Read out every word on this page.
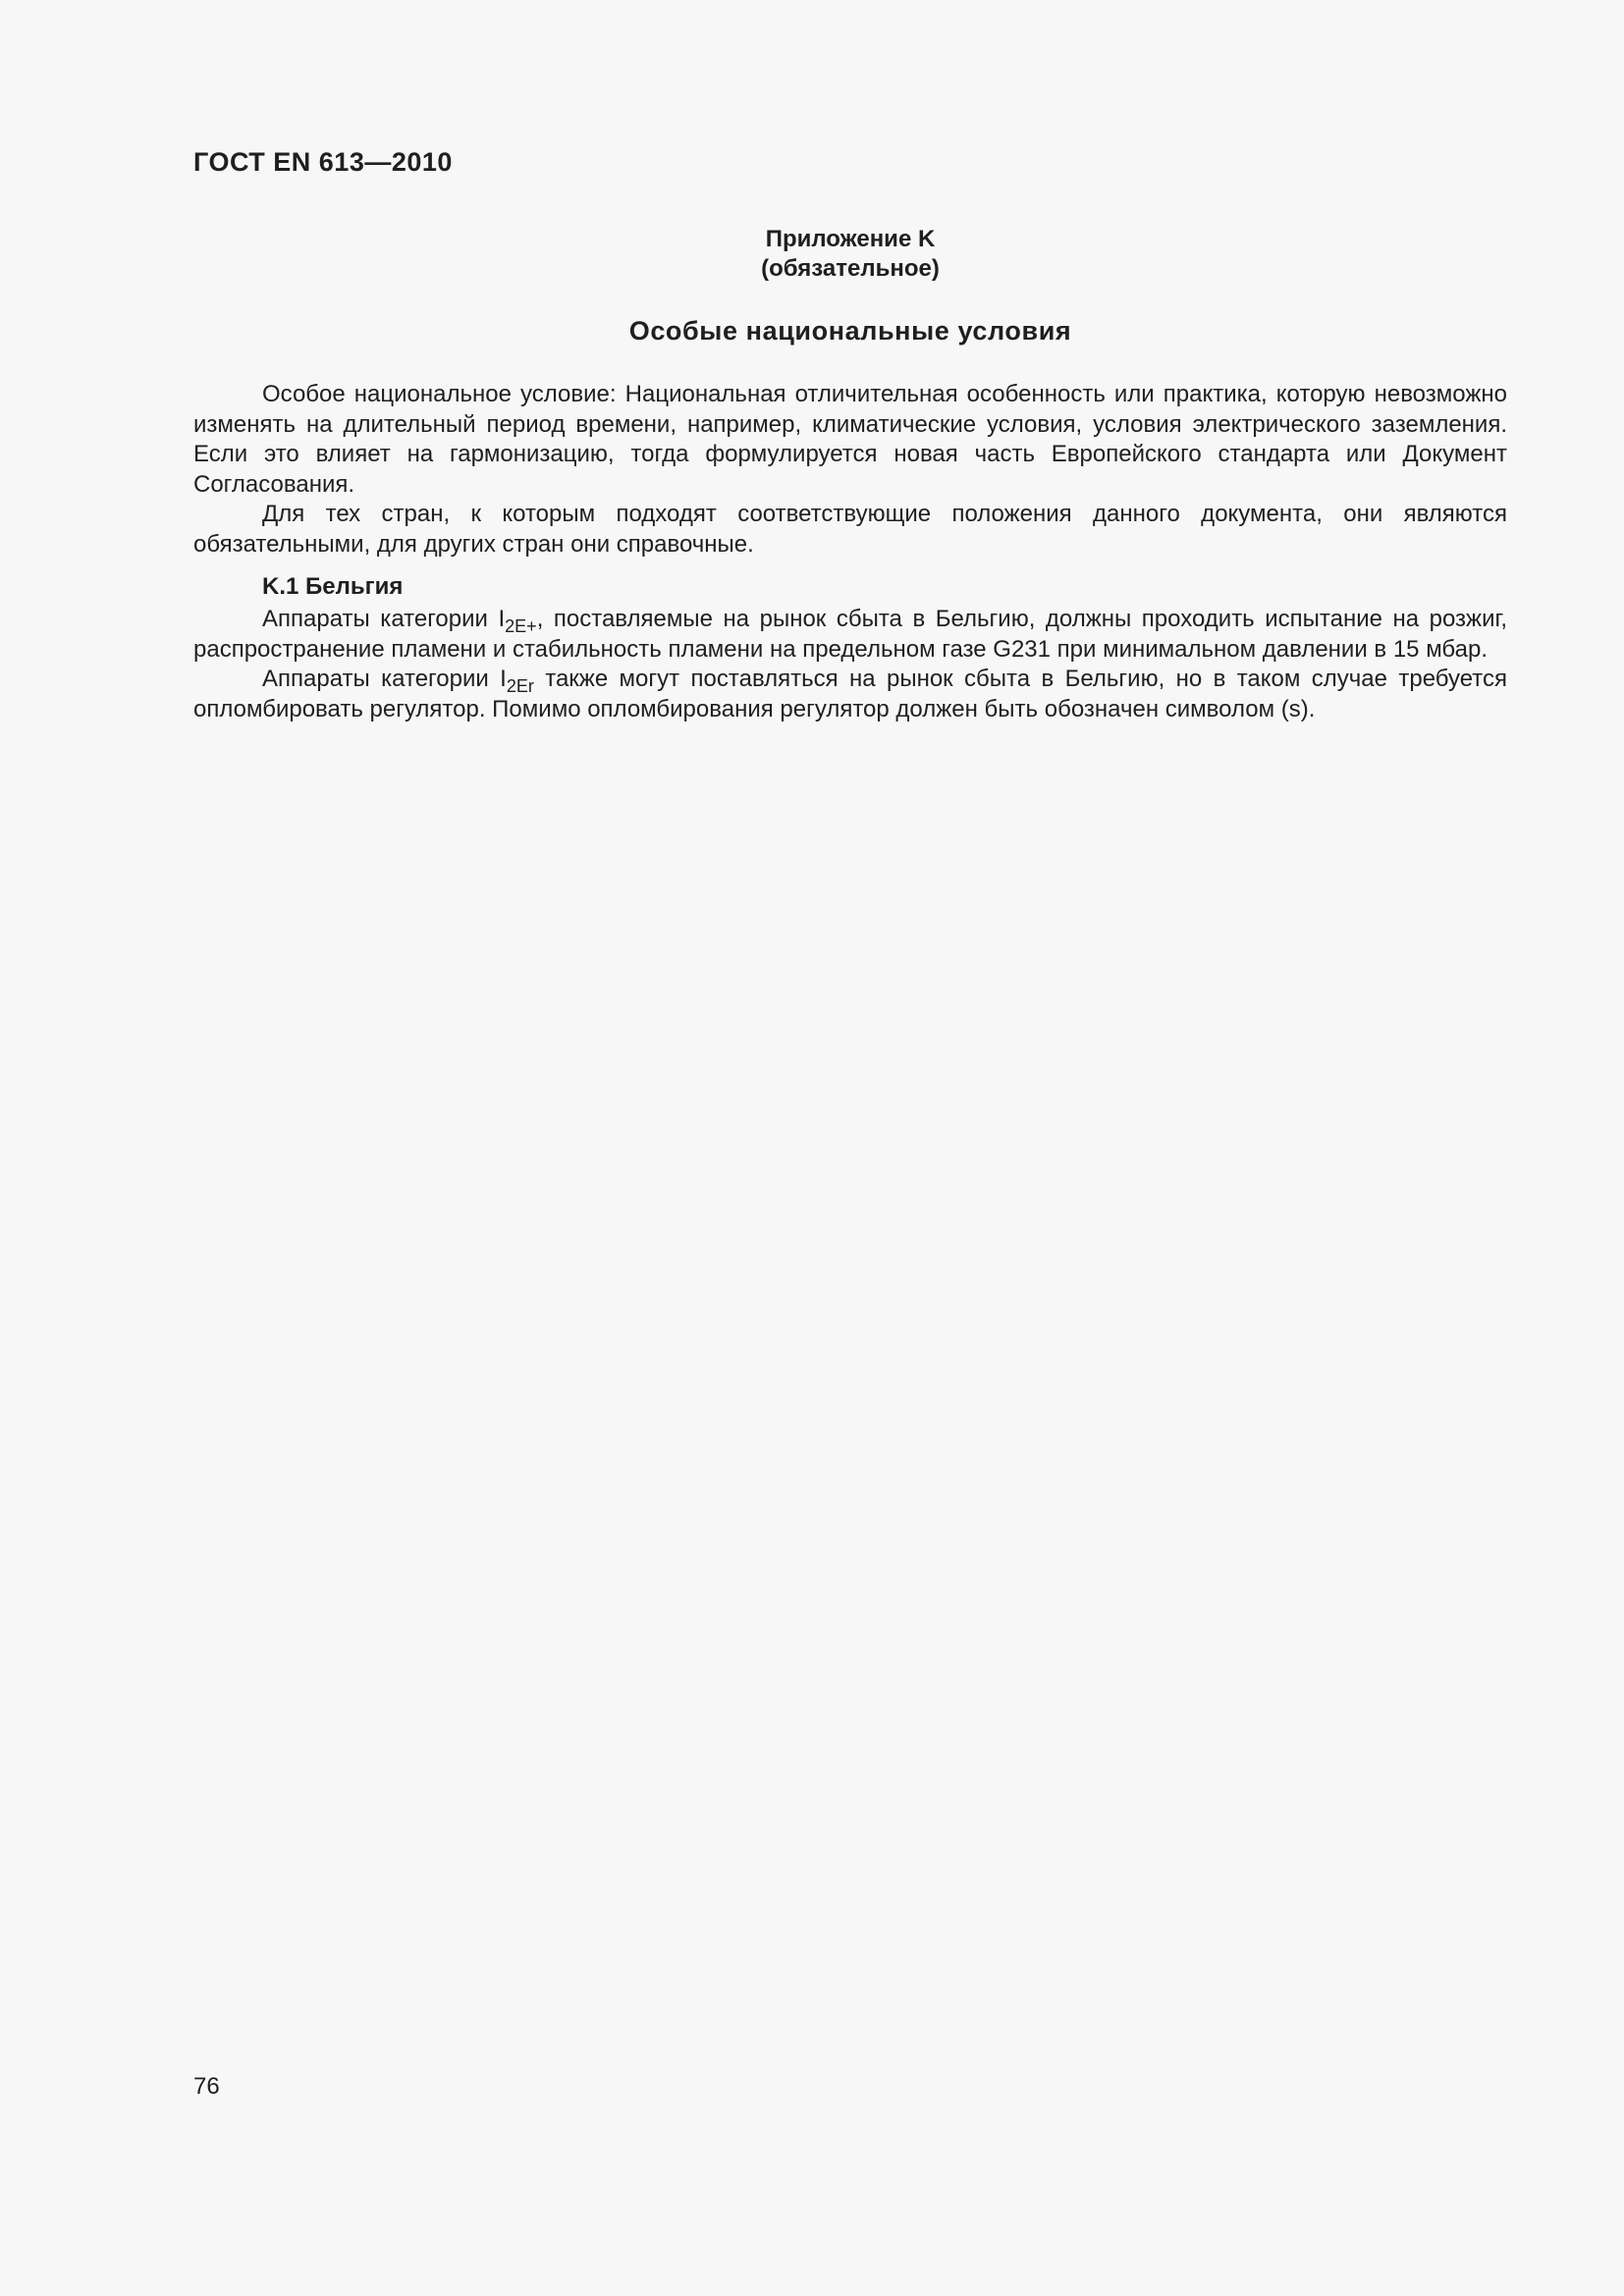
ГОСТ EN 613—2010
Приложение K
(обязательное)
Особые национальные условия

Особое национальное условие: Национальная отличительная особенность или практика, которую невозможно изменять на длительный период времени, например, климатические условия, условия электрического заземления. Если это влияет на гармонизацию, тогда формулируется новая часть Европейского стандарта или Документ Согласования.

Для тех стран, к которым подходят соответствующие положения данного документа, они являются обязательными, для других стран они справочные.

K.1 Бельгия

Аппараты категории $I_{2E+}$, поставляемые на рынок сбыта в Бельгию, должны проходить испытание на розжиг, распространение пламени и стабильность пламени на предельном газе G231 при минимальном давлении в 15 мбар.

Аппараты категории $I_{2Er}$ также могут поставляться на рынок сбыта в Бельгию, но в таком случае требуется опломбировать регулятор. Помимо опломбирования регулятор должен быть обозначен символом (s).

76
